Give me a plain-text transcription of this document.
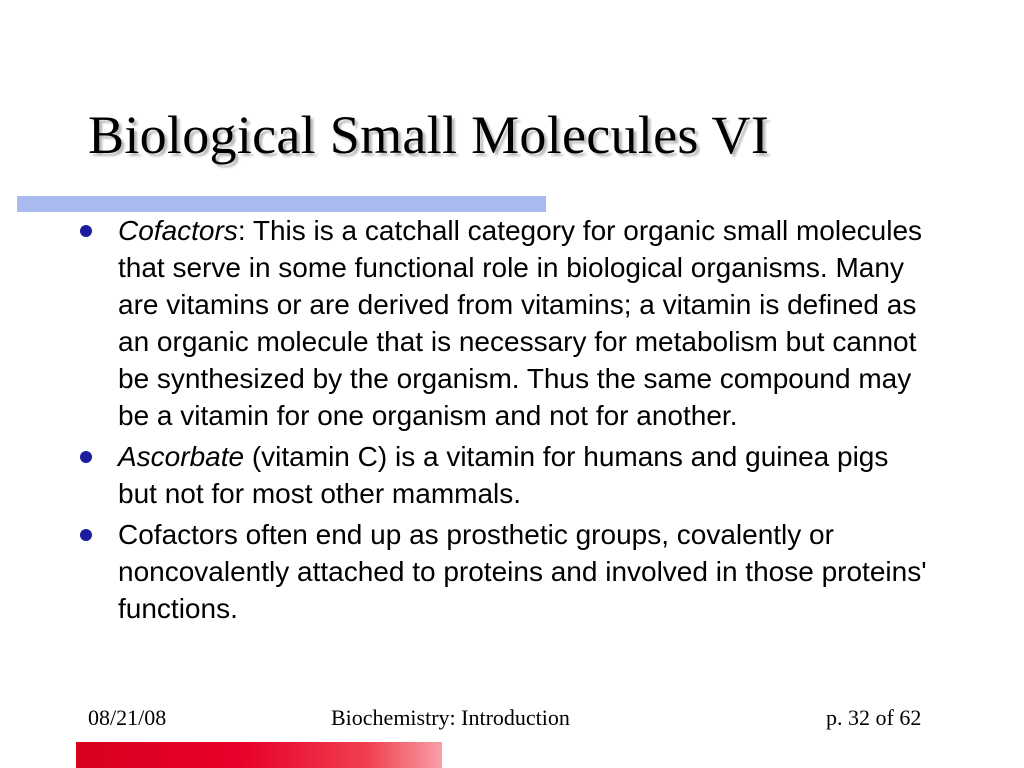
Biological Small Molecules VI
Cofactors: This is a catchall category for organic small molecules that serve in some functional role in biological organisms. Many are vitamins or are derived from vitamins; a vitamin is defined as an organic molecule that is necessary for metabolism but cannot be synthesized by the organism. Thus the same compound may be a vitamin for one organism and not for another.
Ascorbate (vitamin C) is a vitamin for humans and guinea pigs but not for most other mammals.
Cofactors often end up as prosthetic groups, covalently or noncovalently attached to proteins and involved in those proteins' functions.
08/21/08	Biochemistry: Introduction	p. 32 of 62
